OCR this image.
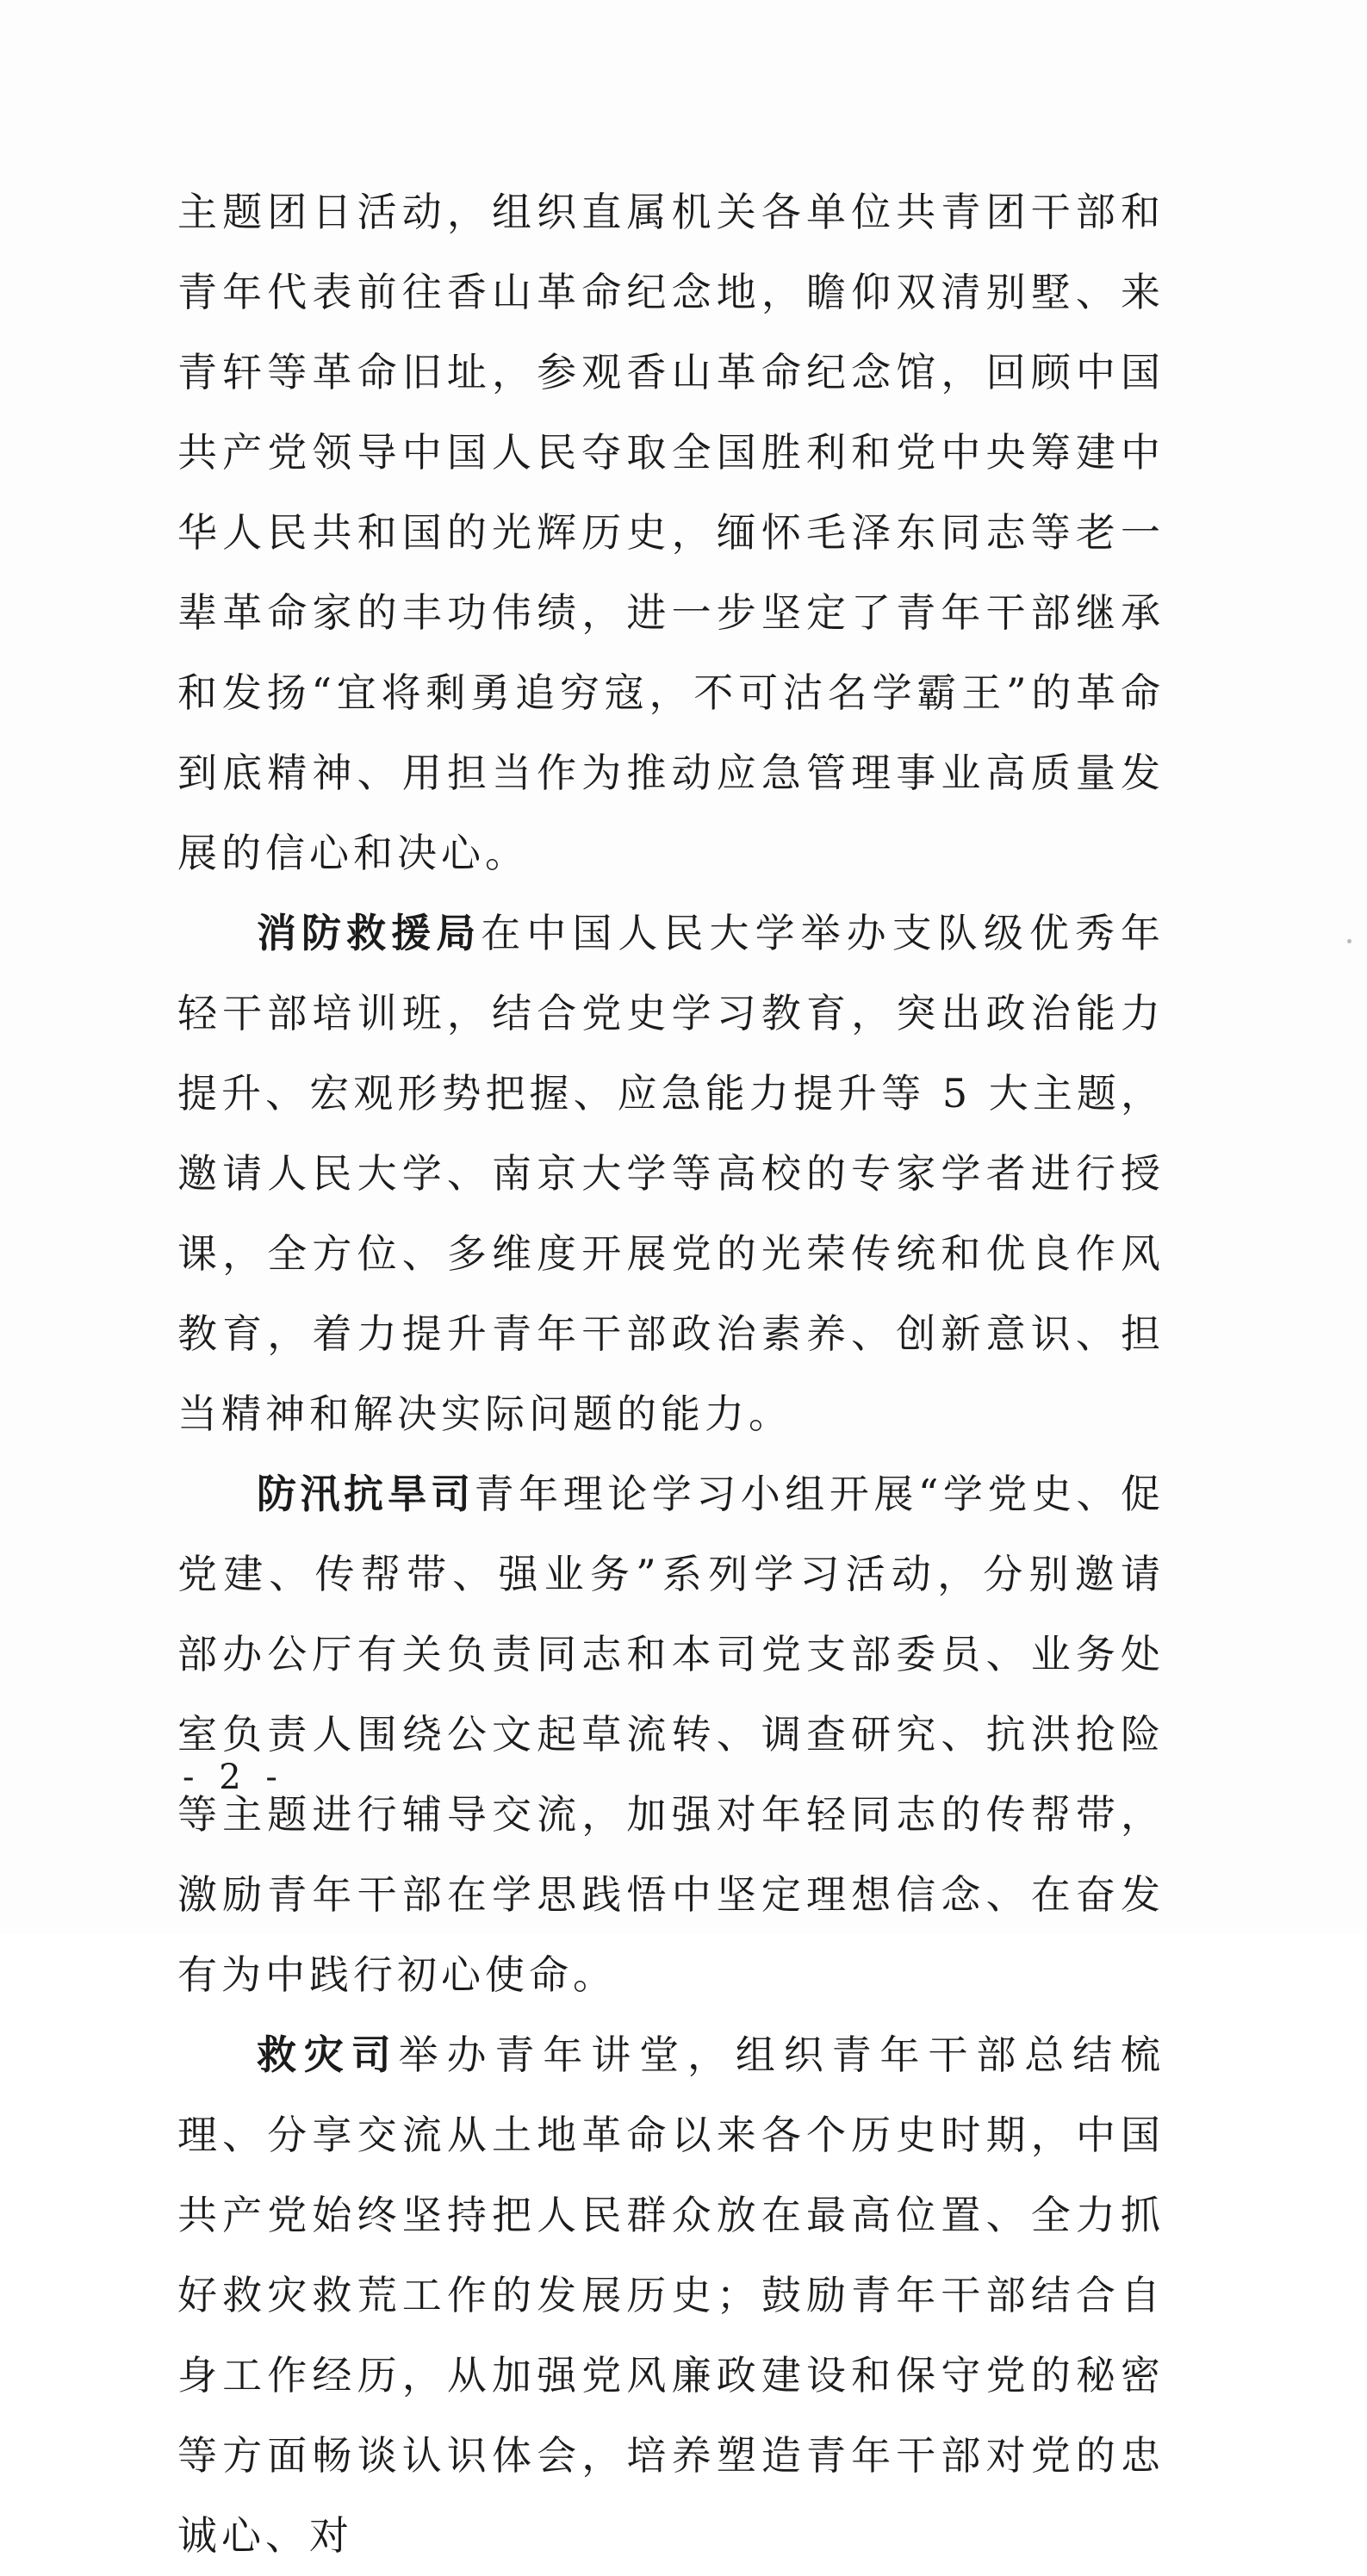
主题团日活动，组织直属机关各单位共青团干部和青年代表前往香山革命纪念地，瞻仰双清别墅、来青轩等革命旧址，参观香山革命纪念馆，回顾中国共产党领导中国人民夺取全国胜利和党中央筹建中华人民共和国的光辉历史，缅怀毛泽东同志等老一辈革命家的丰功伟绩，进一步坚定了青年干部继承和发扬“宜将剩勇追穷寇，不可沽名学霸王”的革命到底精神、用担当作为推动应急管理事业高质量发展的信心和决心。

消防救援局在中国人民大学举办支队级优秀年轻干部培训班，结合党史学习教育，突出政治能力提升、宏观形势把握、应急能力提升等 5 大主题，邀请人民大学、南京大学等高校的专家学者进行授课，全方位、多维度开展党的光荣传统和优良作风教育，着力提升青年干部政治素养、创新意识、担当精神和解决实际问题的能力。

防汛抗旱司青年理论学习小组开展“学党史、促党建、传帮带、强业务”系列学习活动，分别邀请部办公厅有关负责同志和本司党支部委员、业务处室负责人围绕公文起草流转、调查研究、抗洪抢险等主题进行辅导交流，加强对年轻同志的传帮带，激励青年干部在学思践悟中坚定理想信念、在奋发有为中践行初心使命。

救灾司举办青年讲堂，组织青年干部总结梳理、分享交流从土地革命以来各个历史时期，中国共产党始终坚持把人民群众放在最高位置、全力抓好救灾救荒工作的发展历史；鼓励青年干部结合自身工作经历，从加强党风廉政建设和保守党的秘密等方面畅谈认识体会，培养塑造青年干部对党的忠诚心、对

- 2 -
